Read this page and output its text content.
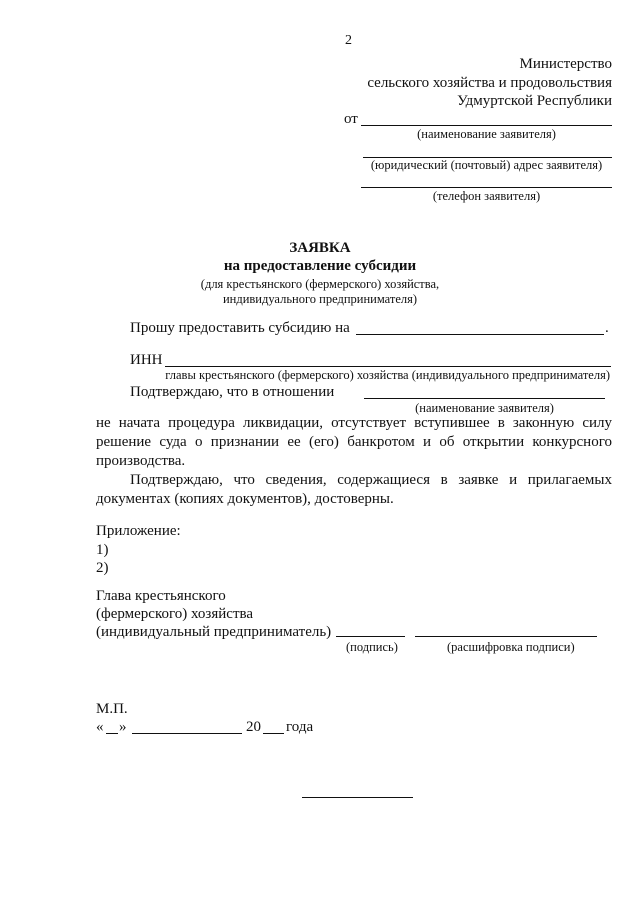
2
Министерство
сельского хозяйства и продовольствия
Удмуртской Республики
от
(наименование заявителя)
(юридический (почтовый) адрес заявителя)
(телефон заявителя)
ЗАЯВКА
на предоставление субсидии
(для крестьянского (фермерского) хозяйства,
индивидуального предпринимателя)
Прошу предоставить субсидию на	.
ИНН
главы крестьянского (фермерского) хозяйства (индивидуального предпринимателя)
Подтверждаю, что в отношении
(наименование заявителя)
не начата процедура ликвидации, отсутствует вступившее в законную силу
решение суда о признании ее (его) банкротом и об открытии конкурсного
производства.
Подтверждаю, что сведения, содержащиеся в заявке и прилагаемых
документах (копиях документов), достоверны.
Приложение:
1)
2)
Глава крестьянского
(фермерского) хозяйства
(индивидуальный предприниматель)
(подпись)	(расшифровка подписи)
М.П.
« »	20 года
